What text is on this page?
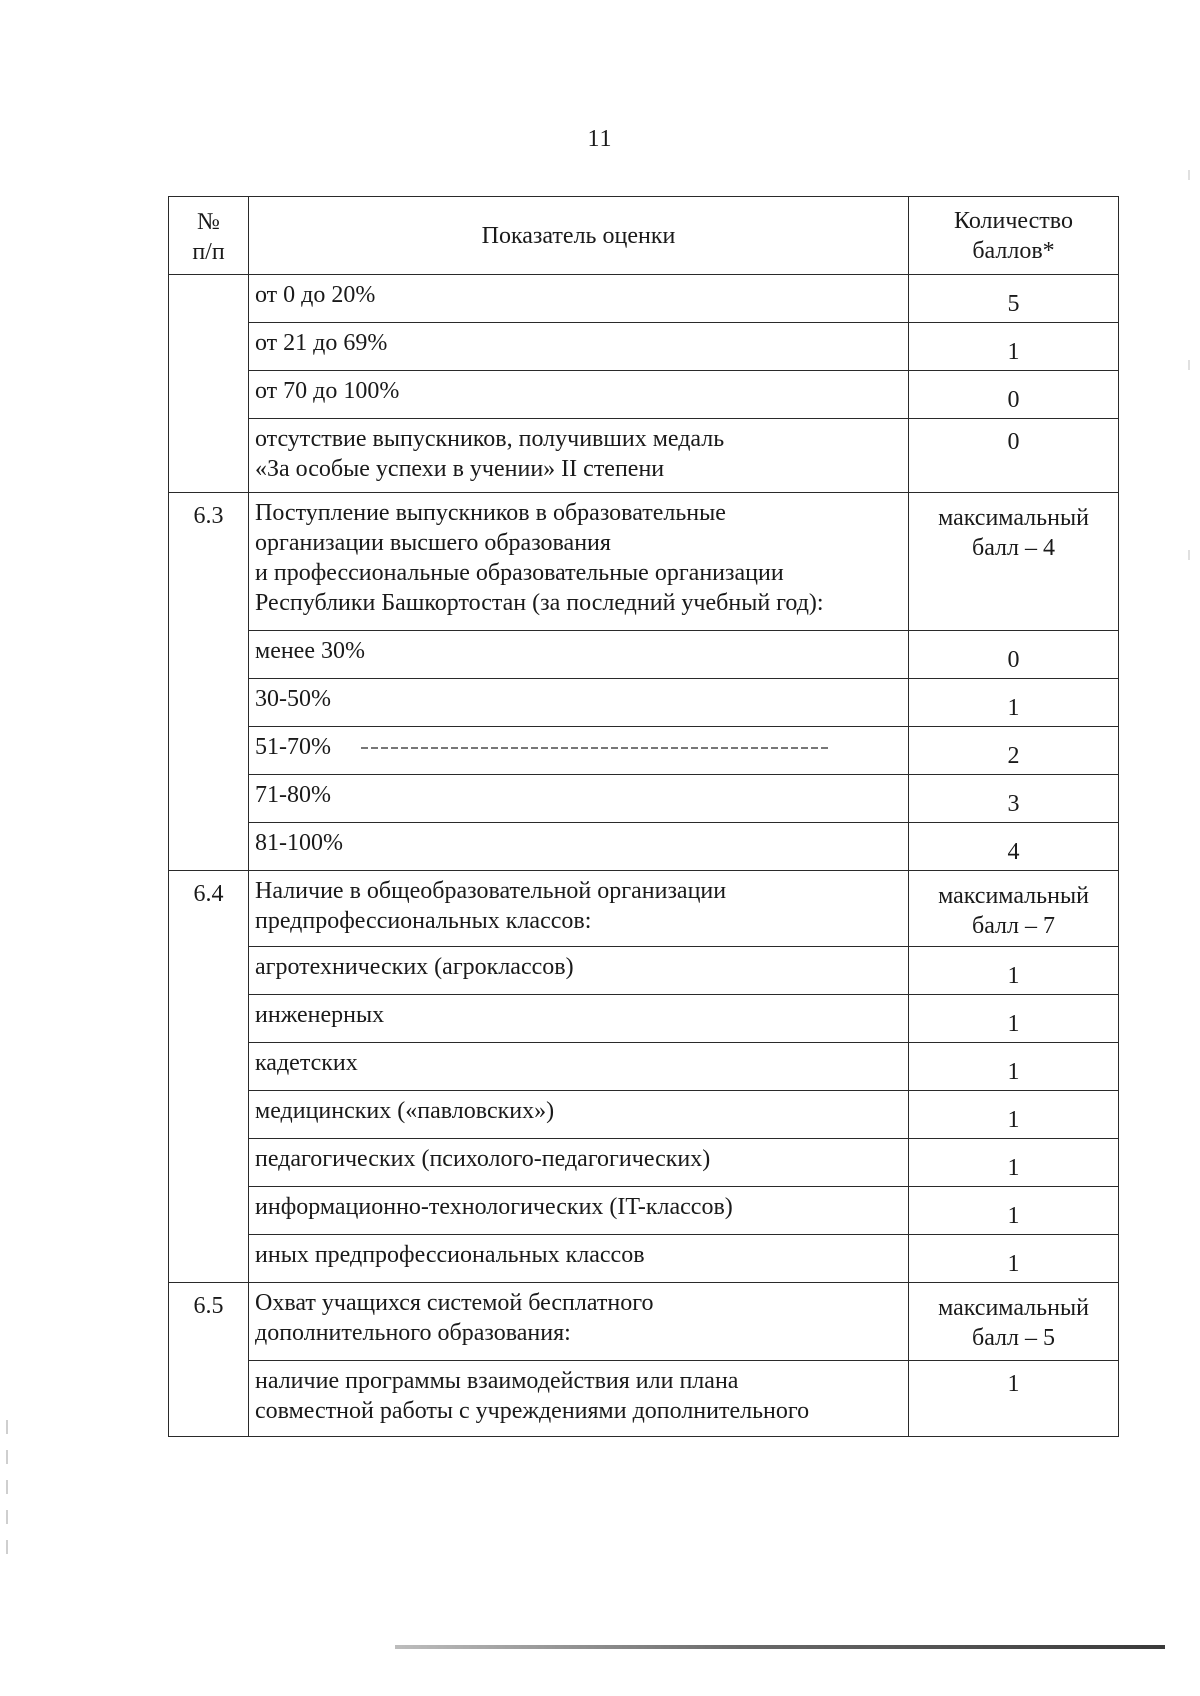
11
№
п/п	Показатель оценки	Количество
баллов*
	от 0 до 20%	5
	от 21 до 69%	1
	от 70 до 100%	0
	отсутствие выпускников, получивших медаль
«За особые успехи в учении» II степени	0
6.3	Поступление выпускников в образовательные
организации высшего образования
и профессиональные образовательные организации
Республики Башкортостан (за последний учебный год):	максимальный
балл – 4
	менее 30%	0
	30-50%	1
	51-70%	2
	71-80%	3
	81-100%	4
6.4	Наличие в общеобразовательной организации
предпрофессиональных классов:	максимальный
балл – 7
	агротехнических (агроклассов)	1
	инженерных	1
	кадетских	1
	медицинских («павловских»)	1
	педагогических (психолого-педагогических)	1
	информационно-технологических (IT-классов)	1
	иных предпрофессиональных классов	1
6.5	Охват учащихся системой бесплатного
дополнительного образования:	максимальный
балл – 5
	наличие программы взаимодействия или плана
совместной работы с учреждениями дополнительного	1
